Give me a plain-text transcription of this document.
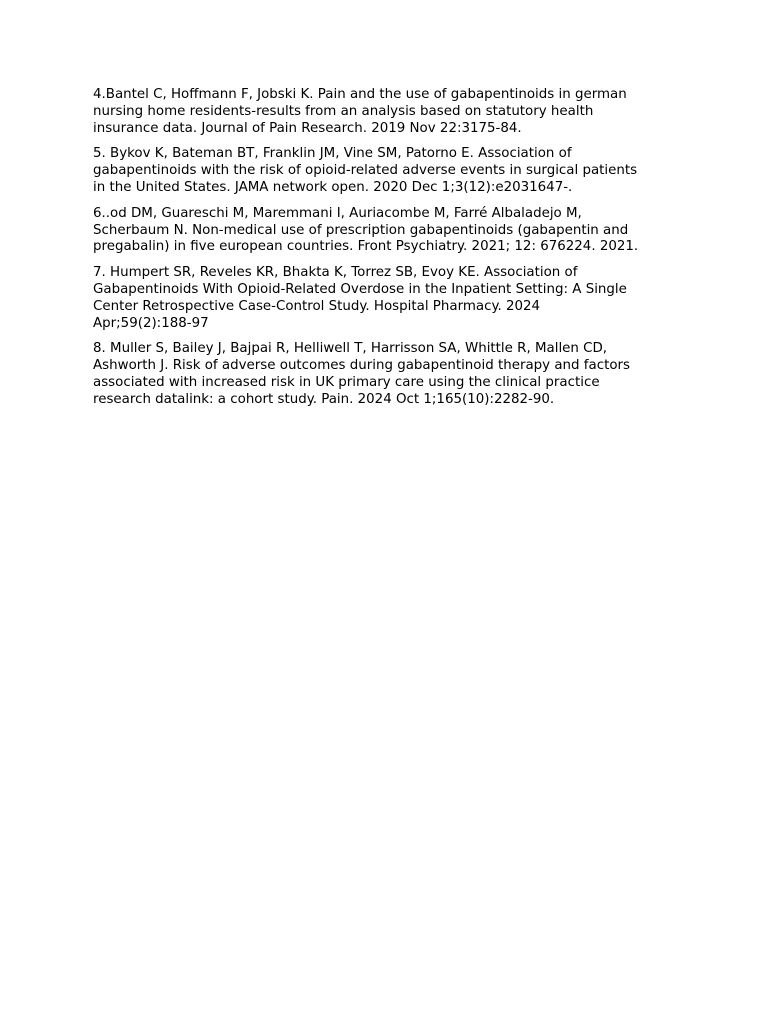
4.Bantel C, Hoffmann F, Jobski K. Pain and the use of gabapentinoids in german
nursing home residents-results from an analysis based on statutory health
insurance data. Journal of Pain Research. 2019 Nov 22:3175-84.

5. Bykov K, Bateman BT, Franklin JM, Vine SM, Patorno E. Association of
gabapentinoids with the risk of opioid-related adverse events in surgical patients
in the United States. JAMA network open. 2020 Dec 1;3(12):e2031647-.

6..od DM, Guareschi M, Maremmani I, Auriacombe M, Farré Albaladejo M,
Scherbaum N. Non-medical use of prescription gabapentinoids (gabapentin and
pregabalin) in five european countries. Front Psychiatry. 2021; 12: 676224. 2021.

7. Humpert SR, Reveles KR, Bhakta K, Torrez SB, Evoy KE. Association of
Gabapentinoids With Opioid-Related Overdose in the Inpatient Setting: A Single
Center Retrospective Case-Control Study. Hospital Pharmacy. 2024
Apr;59(2):188-97

8. Muller S, Bailey J, Bajpai R, Helliwell T, Harrisson SA, Whittle R, Mallen CD,
Ashworth J. Risk of adverse outcomes during gabapentinoid therapy and factors
associated with increased risk in UK primary care using the clinical practice
research datalink: a cohort study. Pain. 2024 Oct 1;165(10):2282-90.
